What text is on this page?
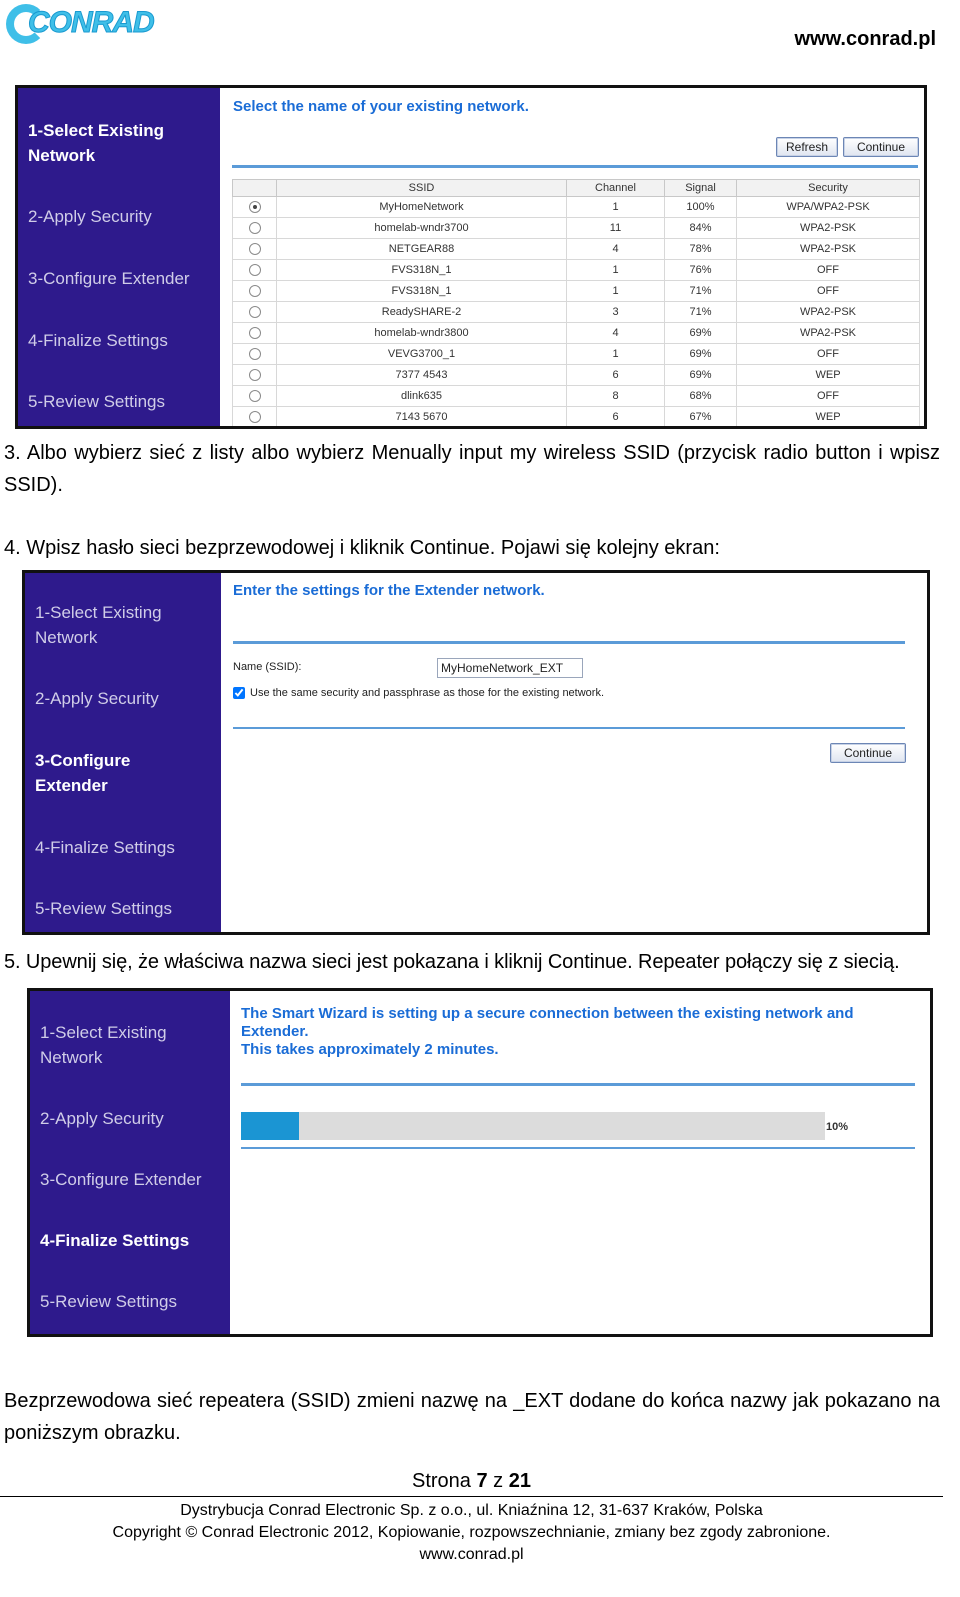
CONRAD	www.conrad.pl
1-Select Existing Network
2-Apply Security
3-Configure Extender
4-Finalize Settings
5-Review Settings
Select the name of your existing network.
Refresh	Continue
	SSID	Channel	Signal	Security
	MyHomeNetwork	1	100%	WPA/WPA2-PSK
	homelab-wndr3700	11	84%	WPA2-PSK
	NETGEAR88	4	78%	WPA2-PSK
	FVS318N_1	1	76%	OFF
	FVS318N_1	1	71%	OFF
	ReadySHARE-2	3	71%	WPA2-PSK
	homelab-wndr3800	4	69%	WPA2-PSK
	VEVG3700_1	1	69%	OFF
	7377 4543	6	69%	WEP
	dlink635	8	68%	OFF
	7143 5670	6	67%	WEP
3. Albo wybierz sieć z listy albo wybierz Menually input my wireless SSID (przycisk radio button i wpisz SSID).
4. Wpisz hasło sieci bezprzewodowej i kliknik Continue. Pojawi się kolejny ekran:
1-Select Existing Network
2-Apply Security
3-Configure Extender
4-Finalize Settings
5-Review Settings
Enter the settings for the Extender network.
Name (SSID):
MyHomeNetwork_EXT
Use the same security and passphrase as those for the existing network.
Continue
5. Upewnij się, że właściwa nazwa sieci jest pokazana i kliknij Continue. Repeater połączy się z siecią.
1-Select Existing Network
2-Apply Security
3-Configure Extender
4-Finalize Settings
5-Review Settings
The Smart Wizard is setting up a secure connection between the existing network and
Extender.
This takes approximately 2 minutes.
10%
Bezprzewodowa sieć repeatera (SSID) zmieni nazwę na _EXT dodane do końca nazwy jak pokazano na poniższym obrazku.
Strona 7 z 21
Dystrybucja Conrad Electronic Sp. z o.o., ul. Kniaźnina 12, 31-637 Kraków, Polska
Copyright © Conrad Electronic 2012, Kopiowanie, rozpowszechnianie, zmiany bez zgody zabronione.
www.conrad.pl
